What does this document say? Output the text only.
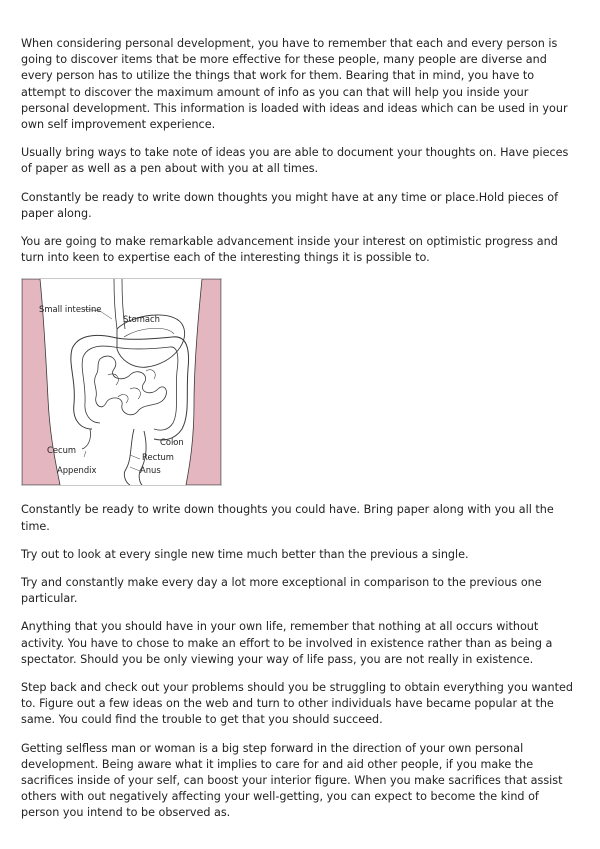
When considering personal development, you have to remember that each and every person is going to discover items that be more effective for these people, many people are diverse and every person has to utilize the things that work for them. Bearing that in mind, you have to attempt to discover the maximum amount of info as you can that will help you inside your personal development. This information is loaded with ideas and ideas which can be used in your own self improvement experience.

Usually bring ways to take note of ideas you are able to document your thoughts on. Have pieces of paper as well as a pen about with you at all times.

Constantly be ready to write down thoughts you might have at any time or place.Hold pieces of paper along.

You are going to make remarkable advancement inside your interest on optimistic progress and turn into keen to expertise each of the interesting things it is possible to.

Small intestine
Stomach
Colon
Cecum
Rectum
Appendix	Anus

Constantly be ready to write down thoughts you could have. Bring paper along with you all the time.

Try out to look at every single new time much better than the previous a single.

Try and constantly make every day a lot more exceptional in comparison to the previous one particular.

Anything that you should have in your own life, remember that nothing at all occurs without activity. You have to chose to make an effort to be involved in existence rather than as being a spectator. Should you be only viewing your way of life pass, you are not really in existence.

Step back and check out your problems should you be struggling to obtain everything you wanted to. Figure out a few ideas on the web and turn to other individuals have became popular at the same. You could find the trouble to get that you should succeed.

Getting selfless man or woman is a big step forward in the direction of your own personal development. Being aware what it implies to care for and aid other people, if you make the sacrifices inside of your self, can boost your interior figure. When you make sacrifices that assist others with out negatively affecting your well-getting, you can expect to become the kind of person you intend to be observed as.
